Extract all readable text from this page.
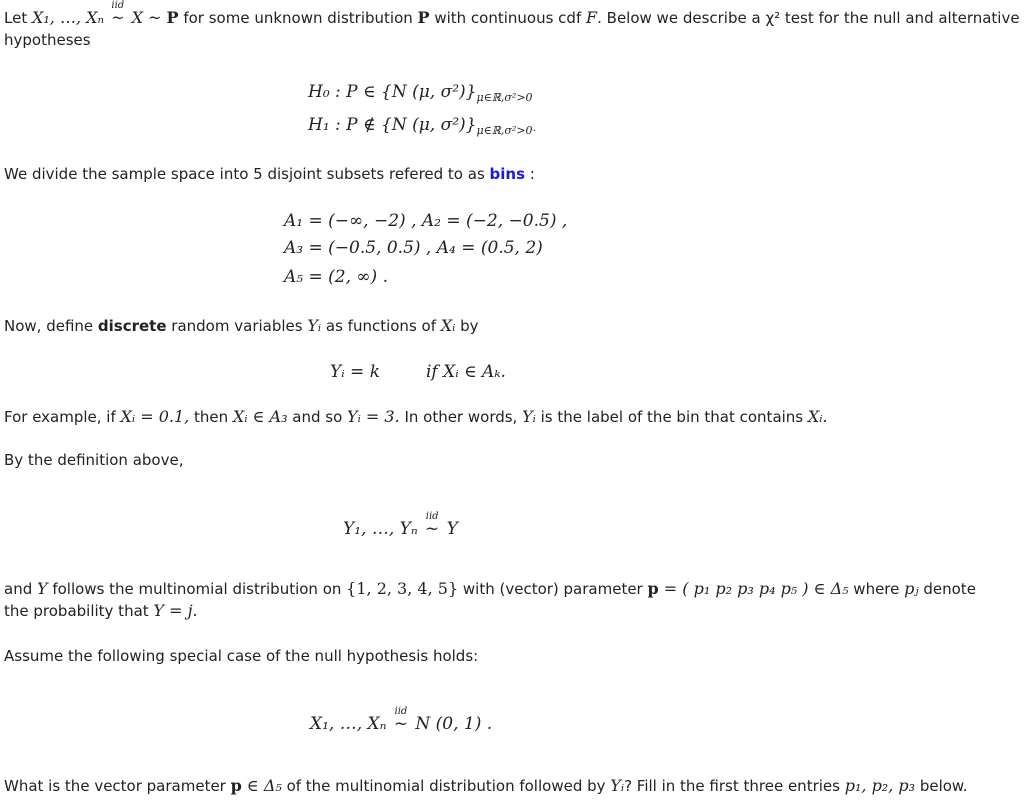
Let X₁, …, Xₙ
iid
~ X ~ P for some unknown distribution P with continuous cdf F. Below we describe a χ² test for the null and alternative
hypotheses
H₀ : P ∈ {N (μ, $\sigma^2)\}_{\mu\in ℝ,\sigma^2>0}$
H₁ : P ∉ {N (μ, $\sigma^2)\}_{\mu\in ℝ,\sigma^2>0\cdot}$
We divide the sample space into 5 disjoint subsets refered to as bins :
A₁ = (−∞, −2) , A₂ = (−2, −0.5) ,
A₃ = (−0.5, 0.5) , A₄ = (0.5, 2)
A₅ = (2, ∞) .
Now, define discrete random variables Yᵢ as functions of Xᵢ by
Yᵢ = k	if Xᵢ ∈ Aₖ.
For example, if Xᵢ = 0.1, then Xᵢ ∈ A₃ and so Yᵢ = 3. In other words, Yᵢ is the label of the bin that contains Xᵢ.
By the definition above,
Y₁, …, Yₙ
iid
~ Y
and Y follows the multinomial distribution on {1, 2, 3, 4, 5} with (vector) parameter p = ( p₁ p₂ p₃ p₄ p₅ ) ∈ Δ₅ where pⱼ denote
the probability that Y = j.
Assume the following special case of the null hypothesis holds:
X₁, …, Xₙ
iid
~ N (0, 1) .
What is the vector parameter p ∈ Δ₅ of the multinomial distribution followed by Yᵢ? Fill in the first three entries p₁, p₂, p₃ below.
